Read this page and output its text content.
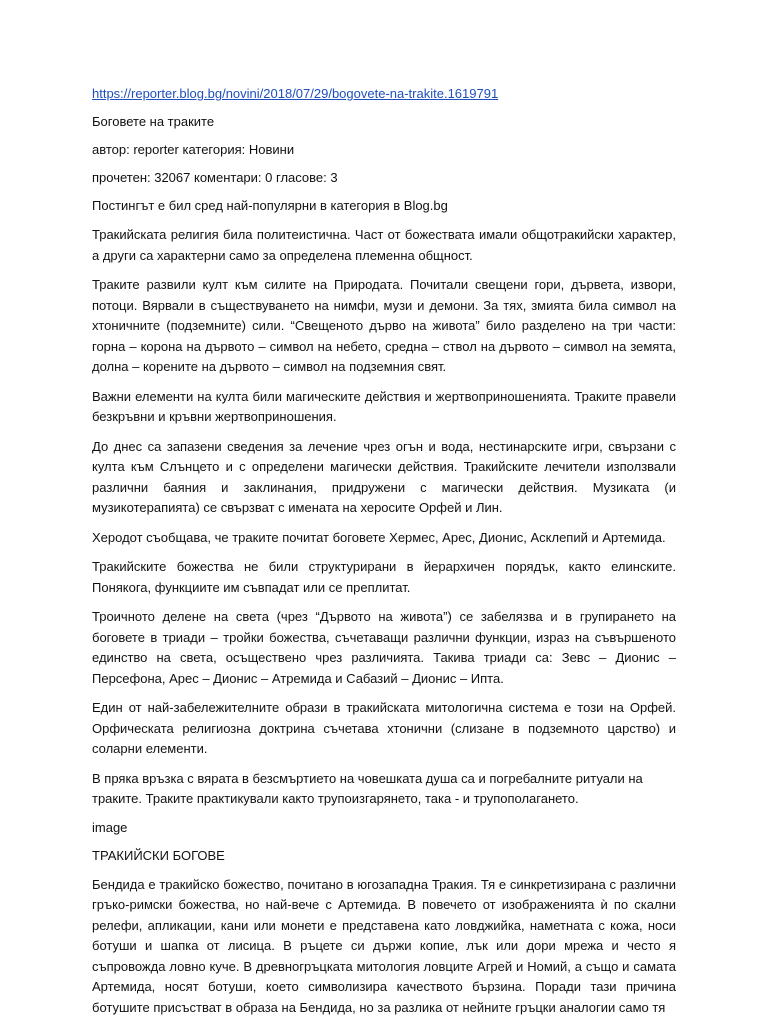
https://reporter.blog.bg/novini/2018/07/29/bogovete-na-trakite.1619791

Боговете на траките

автор: reporter категория: Новини

прочетен: 32067 коментари: 0 гласове: 3

Постингът е бил сред най-популярни в категория в Blog.bg

Тракийската религия била политеистична. Част от божествата имали общотракийски характер, а други са характерни само за определена племенна общност.

Траките развили култ към силите на Природата. Почитали свещени гори, дървета, извори, потоци. Вярвали в съществуването на нимфи, музи и демони. За тях, змията била символ на хтоничните (подземните) сили. “Свещеното дърво на живота” било разделено на три части: горна – корона на дървото – символ на небето, средна – ствол на дървото – символ на земята, долна – корените на дървото – символ на подземния свят.

Важни елементи на култа били магическите действия и жертвоприношенията. Траките правели безкръвни и кръвни жертвоприношения.

До днес са запазени сведения за лечение чрез огън и вода, нестинарските игри, свързани с култа към Слънцето и с определени магически действия. Тракийските лечители използвали различни баяния и заклинания, придружени с магически действия. Музиката (и музикотерапията) се свързват с имената на херосите Орфей и Лин.

Херодот съобщава, че траките почитат боговете Хермес, Арес, Дионис, Асклепий и Артемида.

Тракийските божества не били структурирани в йерархичен порядък, както елинските. Понякога, функциите им съвпадат или се преплитат.

Троичното делене на света (чрез “Дървото на живота”) се забелязва и в групирането на боговете в триади – тройки божества, съчетаващи различни функции, израз на съвършеното единство на света, осъществено чрез различията. Такива триади са: Зевс – Дионис – Персефона, Арес – Дионис – Атремида и Сабазий – Дионис – Ипта.

Един от най-забележителните образи в тракийската митологична система е този на Орфей. Орфическата религиозна доктрина съчетава хтонични (слизане в подземното царство) и соларни елементи.

В пряка връзка с вярата в безсмъртието на човешката душа са и погребалните ритуали на траките. Траките практикували както трупоизгарянето, така - и трупополагането.

image

ТРАКИЙСКИ БОГОВЕ

Бендида е тракийско божество, почитано в югозападна Тракия. Тя е синкретизирана с различни гръко-римски божества, но най-вече с Артемида. В повечето от изображенията ѝ по скални релефи, апликации, кани или монети е представена като ловджийка, наметната с кожа, носи ботуши и шапка от лисица. В ръцете си държи копие, лък или дори мрежа и често я съпровожда ловно куче. В древногръцката митология ловците Агрей и Номий, а също и самата Артемида, носят ботуши, което символизира качеството бързина. Поради тази причина ботушите присъстват в образа на Бендида, но за разлика от нейните гръцки аналогии само тя
